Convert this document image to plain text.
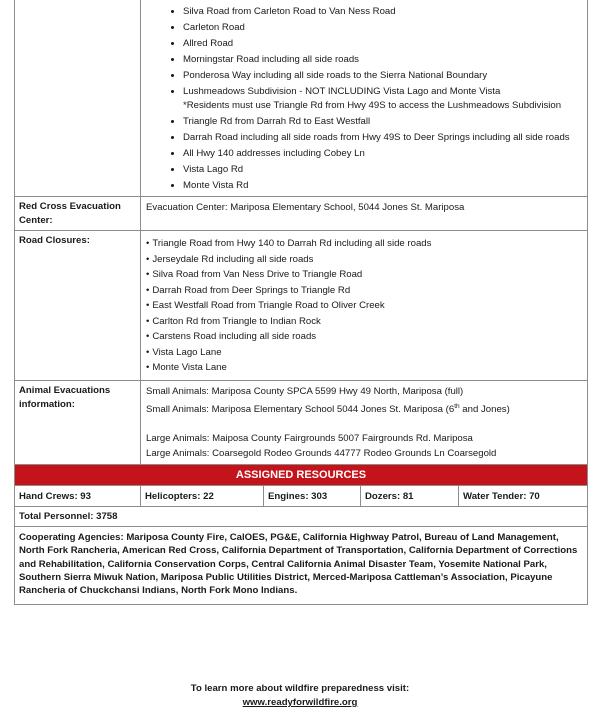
• Silva Road from Carleton Road to Van Ness Road
• Carleton Road
• Allred Road
• Morningstar Road including all side roads
• Ponderosa Way including all side roads to the Sierra National Boundary
• Lushmeadows Subdivision - NOT INCLUDING Vista Lago and Monte Vista
*Residents must use Triangle Rd from Hwy 49S to access the Lushmeadows Subdivision
• Triangle Rd from Darrah Rd to East Westfall
• Darrah Road including all side roads from Hwy 49S to Deer Springs including all side roads
• All Hwy 140 addresses including Cobey Ln
• Vista Lago Rd
• Monte Vista Rd
Red Cross Evacuation Center:
Evacuation Center: Mariposa Elementary School, 5044 Jones St. Mariposa
Road Closures:
•	Triangle Road from Hwy 140 to Darrah Rd including all side roads
• Jerseydale Rd including all side roads
• Silva Road from Van Ness Drive to Triangle Road
• Darrah Road from Deer Springs to Triangle Rd
• East Westfall Road from Triangle Road to Oliver Creek
• Carlton Rd from Triangle to Indian Rock
• Carstens Road including all side roads
• Vista Lago Lane
• Monte Vista Lane
Animal Evacuations information:
Small Animals: Mariposa County SPCA 5599 Hwy 49 North, Mariposa (full)
Small Animals: Mariposa Elementary School 5044 Jones St. Mariposa (6th and Jones)
Large Animals: Maiposa County Fairgrounds 5007 Fairgrounds Rd. Mariposa
Large Animals: Coarsegold Rodeo Grounds 44777 Rodeo Grounds Ln Coarsegold
ASSIGNED RESOURCES
Hand Crews: 93	Helicopters: 22	Engines: 303	Dozers: 81	Water Tender: 70
Total Personnel: 3758
Cooperating Agencies: Mariposa County Fire, CalOES, PG&E, California Highway Patrol, Bureau of Land Management, North Fork Rancheria, American Red Cross, California Department of Transportation, California Department of Corrections and Rehabilitation, California Conservation Corps, Central California Animal Disaster Team, Yosemite National Park, Southern Sierra Miwuk Nation, Mariposa Public Utilities District, Merced-Mariposa Cattleman’s Association, Picayune Rancheria of Chuckchansi Indians, North Fork Mono Indians.
To learn more about wildfire preparedness visit:
www.readyforwildfire.org
